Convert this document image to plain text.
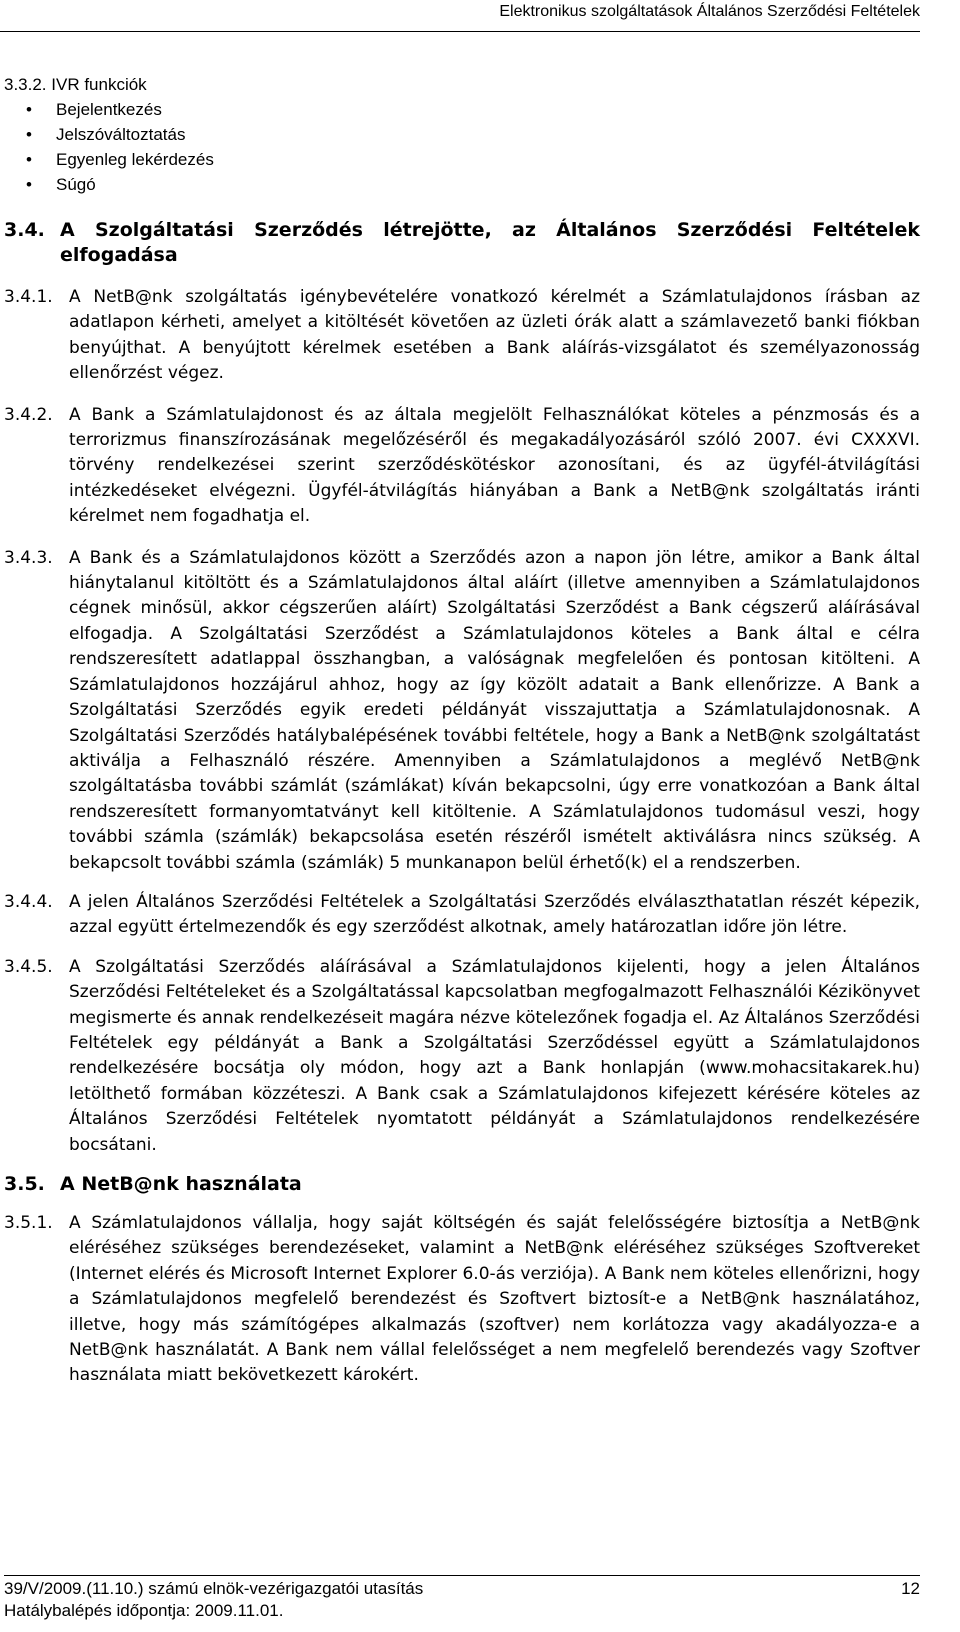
Elektronikus szolgáltatások Általános Szerződési Feltételek
3.3.2. IVR funkciók
• Bejelentkezés
• Jelszóváltoztatás
• Egyenleg lekérdezés
• Súgó
3.4. A Szolgáltatási Szerződés létrejötte, az Általános Szerződési Feltételek elfogadása
3.4.1. A NetB@nk szolgáltatás igénybevételére vonatkozó kérelmét a Számlatulajdonos írásban az adatlapon kérheti, amelyet a kitöltését követően az üzleti órák alatt a számlavezető banki fiókban benyújthat. A benyújtott kérelmek esetében a Bank aláírás-vizsgálatot és személyazonosság ellenőrzést végez.
3.4.2. A Bank a Számlatulajdonost és az általa megjelölt Felhasználókat köteles a pénzmosás és a terrorizmus finanszírozásának megelőzéséről és megakadályozásáról szóló 2007. évi CXXXVI. törvény rendelkezései szerint szerződéskötéskor azonosítani, és az ügyfél-átvilágítási intézkedéseket elvégezni. Ügyfél-átvilágítás hiányában a Bank a NetB@nk szolgáltatás iránti kérelmet nem fogadhatja el.
3.4.3. A Bank és a Számlatulajdonos között a Szerződés azon a napon jön létre, amikor a Bank által hiánytalanul kitöltött és a Számlatulajdonos által aláírt (illetve amennyiben a Számlatulajdonos cégnek minősül, akkor cégszerűen aláírt) Szolgáltatási Szerződést a Bank cégszerű aláírásával elfogadja. A Szolgáltatási Szerződést a Számlatulajdonos köteles a Bank által e célra rendszeresített adatlappal összhangban, a valóságnak megfelelően és pontosan kitölteni. A Számlatulajdonos hozzájárul ahhoz, hogy az így közölt adatait a Bank ellenőrizze. A Bank a Szolgáltatási Szerződés egyik eredeti példányát visszajuttatja a Számlatulajdonosnak. A Szolgáltatási Szerződés hatálybalépésének további feltétele, hogy a Bank a NetB@nk szolgáltatást aktiválja a Felhasználó részére. Amennyiben a Számlatulajdonos a meglévő NetB@nk szolgáltatásba további számlát (számlákat) kíván bekapcsolni, úgy erre vonatkozóan a Bank által rendszeresített formanyomtatványt kell kitöltenie. A Számlatulajdonos tudomásul veszi, hogy további számla (számlák) bekapcsolása esetén részéről ismételt aktiválásra nincs szükség. A bekapcsolt további számla (számlák) 5 munkanapon belül érhető(k) el a rendszerben.
3.4.4. A jelen Általános Szerződési Feltételek a Szolgáltatási Szerződés elválaszthatatlan részét képezik, azzal együtt értelmezendők és egy szerződést alkotnak, amely határozatlan időre jön létre.
3.4.5. A Szolgáltatási Szerződés aláírásával a Számlatulajdonos kijelenti, hogy a jelen Általános Szerződési Feltételeket és a Szolgáltatással kapcsolatban megfogalmazott Felhasználói Kézikönyvet megismerte és annak rendelkezéseit magára nézve kötelezőnek fogadja el. Az Általános Szerződési Feltételek egy példányát a Bank a Szolgáltatási Szerződéssel együtt a Számlatulajdonos rendelkezésére bocsátja oly módon, hogy azt a Bank honlapján (www.mohacsitakarek.hu) letölthető formában közzéteszi. A Bank csak a Számlatulajdonos kifejezett kérésére köteles az Általános Szerződési Feltételek nyomtatott példányát a Számlatulajdonos rendelkezésére bocsátani.
3.5. A NetB@nk használata
3.5.1. A Számlatulajdonos vállalja, hogy saját költségén és saját felelősségére biztosítja a NetB@nk eléréséhez szükséges berendezéseket, valamint a NetB@nk eléréséhez szükséges Szoftvereket (Internet elérés és Microsoft Internet Explorer 6.0-ás verziója). A Bank nem köteles ellenőrizni, hogy a Számlatulajdonos megfelelő berendezést és Szoftvert biztosít-e a NetB@nk használatához, illetve, hogy más számítógépes alkalmazás (szoftver) nem korlátozza vagy akadályozza-e a NetB@nk használatát. A Bank nem vállal felelősséget a nem megfelelő berendezés vagy Szoftver használata miatt bekövetkezett károkért.
39/V/2009.(11.10.) számú elnök-vezérigazgatói utasítás
Hatálybalépés időpontja: 2009.11.01.
12
